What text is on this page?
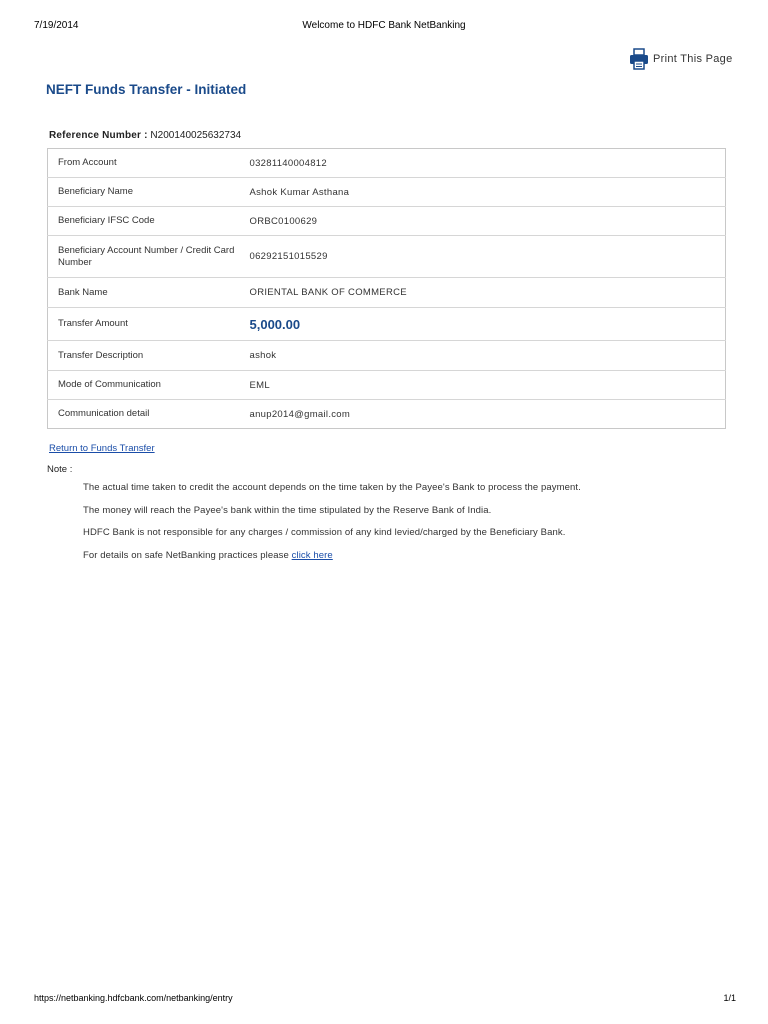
7/19/2014	Welcome to HDFC Bank NetBanking
Print This Page
NEFT Funds Transfer - Initiated
Reference Number : N200140025632734
From Account	03281140004812
Beneficiary Name	Ashok Kumar Asthana
Beneficiary IFSC Code	ORBC0100629
Beneficiary Account Number / Credit Card Number	06292151015529
Bank Name	ORIENTAL BANK OF COMMERCE
Transfer Amount	5,000.00
Transfer Description	ashok
Mode of Communication	EML
Communication detail	anup2014@gmail.com
Return to Funds Transfer
Note :
The actual time taken to credit the account depends on the time taken by the Payee's Bank to process the payment.
The money will reach the Payee's bank within the time stipulated by the Reserve Bank of India.
HDFC Bank is not responsible for any charges / commission of any kind levied/charged by the Beneficiary Bank.
For details on safe NetBanking practices please click here
https://netbanking.hdfcbank.com/netbanking/entry	1/1
